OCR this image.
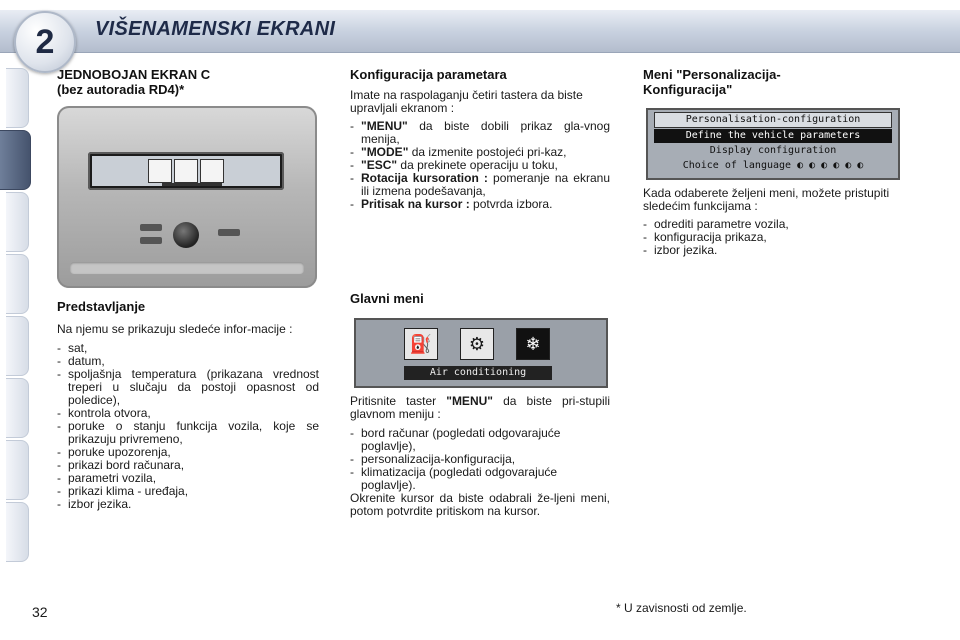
2	VIŠENAMENSKI EKRANI
JEDNOBOJAN EKRAN C
(bez autoradia RD4)*
Predstavljanje

Na njemu se prikazuju sledeće infor-macije :

- sat,
- datum,
- spoljašnja temperatura (prikazana vrednost treperi u slučaju da postoji opasnost od poledice),
- kontrola otvora,
- poruke o stanju funkcija vozila, koje se prikazuju privremeno,
- poruke upozorenja,
- prikazi bord računara,
- parametri vozila,
- prikazi klima - uređaja,
- izbor jezika.
Konfiguracija parametara

Imate na raspolaganju četiri tastera da biste upravljali ekranom :

- "MENU" da biste dobili prikaz gla-vnog menija,
- "MODE" da izmenite postojeći pri-kaz,
- "ESC" da prekinete operaciju u toku,
- Rotacija kursoration : pomeranje na ekranu ili izmena podešavanja,
- Pritisak na kursor : potvrda izbora.
Glavni meni
⛽	⚙	❄
Air conditioning

Pritisnite taster "MENU" da biste pri-stupili glavnom meniju :

- bord računar (pogledati odgovarajuće poglavlje),
- personalizacija-konfiguracija,
- klimatizacija (pogledati odgovarajuće poglavlje).

Okrenite kursor da biste odabrali že-ljeni meni, potom potvrdite pritiskom na kursor.

Meni "Personalizacija-
Konfiguracija"
Personalisation-configuration
Define the vehicle parameters
Display configuration
Choice of language ◐ ◐ ◐ ◐ ◐ ◐

Kada odaberete željeni meni, možete pristupiti sledećim funkcijama :

- odrediti parametre vozila,
- konfiguracija prikaza,
- izbor jezika.
32	* U zavisnosti od zemlje.
